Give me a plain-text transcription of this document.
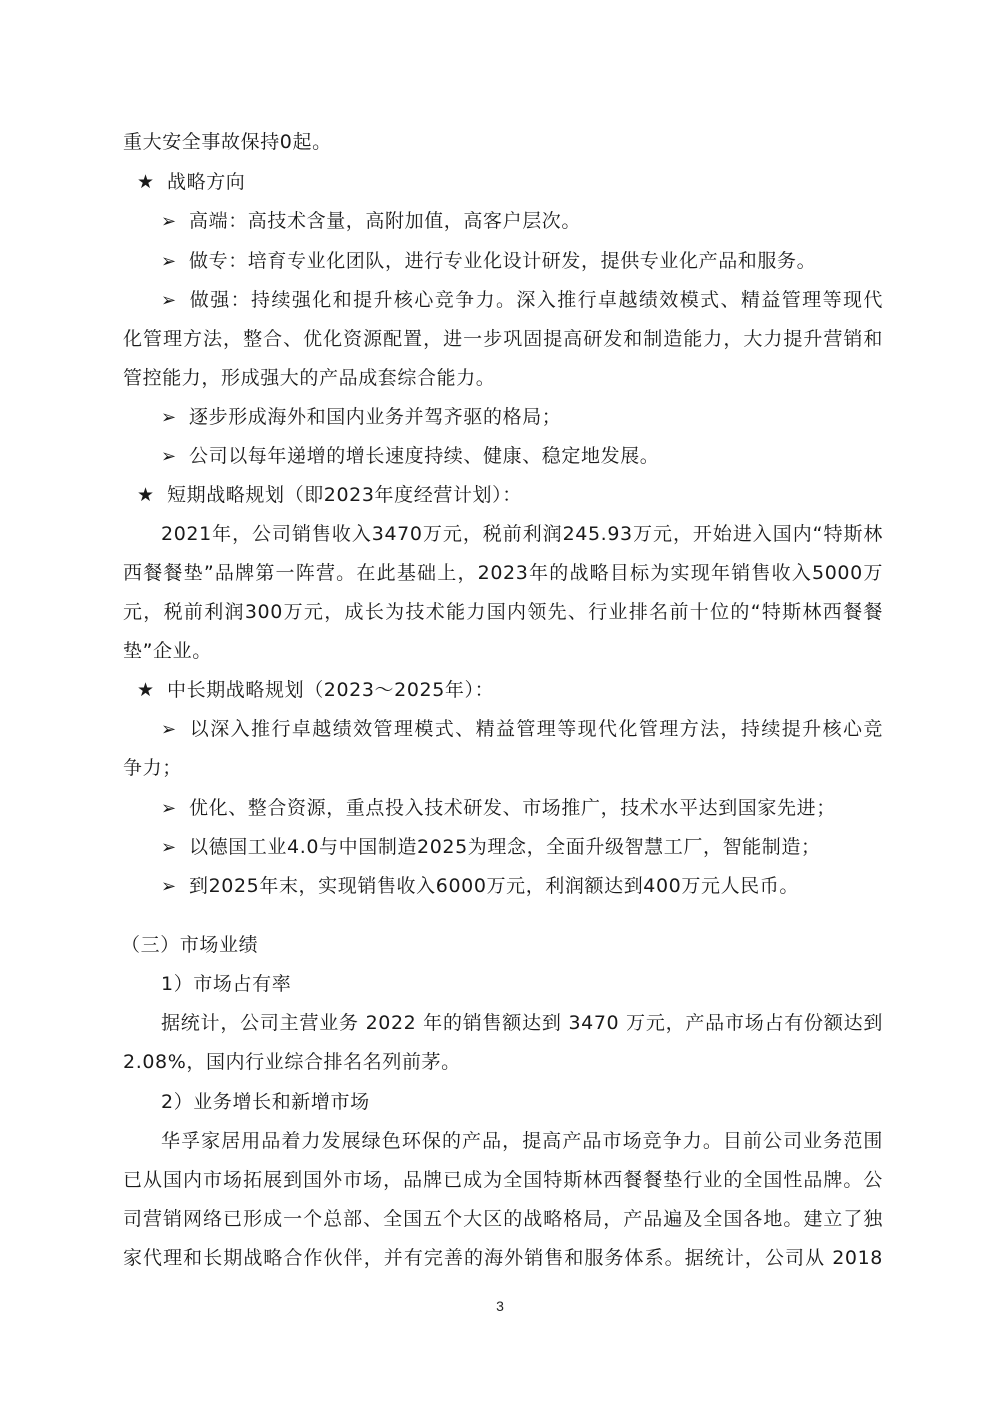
重大安全事故保持0起。
★ 战略方向
➢ 高端：高技术含量，高附加值，高客户层次。
➢ 做专：培育专业化团队，进行专业化设计研发，提供专业化产品和服务。
➢ 做强：持续强化和提升核心竞争力。深入推行卓越绩效模式、精益管理等现代
化管理方法，整合、优化资源配置，进一步巩固提高研发和制造能力，大力提升营销和
管控能力，形成强大的产品成套综合能力。
➢ 逐步形成海外和国内业务并驾齐驱的格局；
➢ 公司以每年递增的增长速度持续、健康、稳定地发展。
★ 短期战略规划（即2023年度经营计划）：
2021年，公司销售收入3470万元，税前利润245.93万元，开始进入国内“特斯林
西餐餐垫”品牌第一阵营。在此基础上，2023年的战略目标为实现年销售收入5000万
元，税前利润300万元，成长为技术能力国内领先、行业排名前十位的“特斯林西餐餐
垫”企业。
★ 中长期战略规划（2023～2025年）：
➢ 以深入推行卓越绩效管理模式、精益管理等现代化管理方法，持续提升核心竞
争力；
➢ 优化、整合资源，重点投入技术研发、市场推广，技术水平达到国家先进；
➢ 以德国工业4.0与中国制造2025为理念，全面升级智慧工厂，智能制造；
➢ 到2025年末，实现销售收入6000万元，利润额达到400万元人民币。
（三）市场业绩
1）市场占有率
据统计，公司主营业务 2022 年的销售额达到 3470 万元，产品市场占有份额达到
2.08%，国内行业综合排名名列前茅。
2）业务增长和新增市场
华孚家居用品着力发展绿色环保的产品，提高产品市场竞争力。目前公司业务范围
已从国内市场拓展到国外市场，品牌已成为全国特斯林西餐餐垫行业的全国性品牌。公
司营销网络已形成一个总部、全国五个大区的战略格局，产品遍及全国各地。建立了独
家代理和长期战略合作伙伴，并有完善的海外销售和服务体系。据统计，公司从 2018
3
